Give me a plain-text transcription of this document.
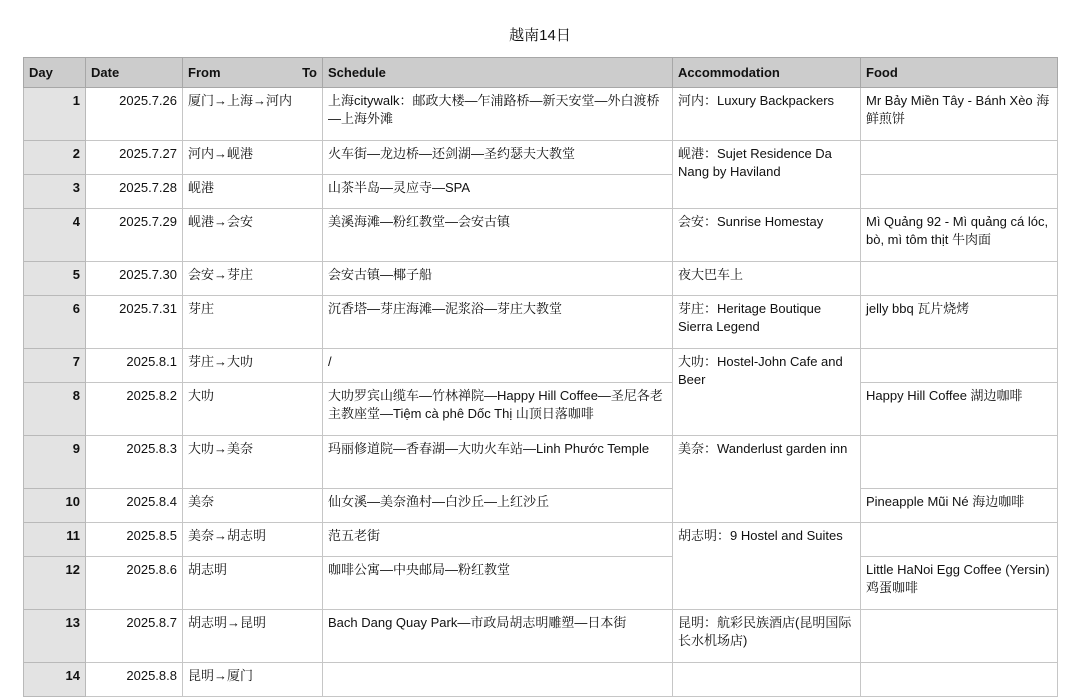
越南14日
Day	Date	From To	Schedule	Accommodation	Food
1	2025.7.26	厦门→上海→河内	上海citywalk：邮政大楼—乍浦路桥—新天安堂—外白渡桥—上海外滩	河内：Luxury Backpackers	Mr Bảy Miền Tây - Bánh Xèo 海鲜煎饼
2	2025.7.27	河内→岘港	火车街—龙边桥—还剑湖—圣约瑟夫大教堂	岘港：Sujet Residence Da Nang by Haviland	
3	2025.7.28	岘港	山茶半岛—灵应寺—SPA		
4	2025.7.29	岘港→会安	美溪海滩—粉红教堂—会安古镇	会安：Sunrise Homestay	Mì Quảng 92 - Mì quảng cá lóc, bò, mì tôm thịt 牛肉面
5	2025.7.30	会安→芽庄	会安古镇—椰子船	夜大巴车上	
6	2025.7.31	芽庄	沉香塔—芽庄海滩—泥浆浴—芽庄大教堂	芽庄：Heritage Boutique Sierra Legend	jelly bbq 瓦片烧烤
7	2025.8.1	芽庄→大叻	/	大叻：Hostel-John Cafe and Beer	
8	2025.8.2	大叻	大叻罗宾山缆车—竹林禅院—Happy Hill Coffee—圣尼各老主教座堂—Tiệm cà phê Dốc Thị 山顶日落咖啡		Happy Hill Coffee 湖边咖啡
9	2025.8.3	大叻→美奈	玛丽修道院—香春湖—大叻火车站—Linh Phước Temple	美奈：Wanderlust garden inn	
10	2025.8.4	美奈	仙女溪—美奈渔村—白沙丘—上红沙丘		Pineapple Mũi Né 海边咖啡
11	2025.8.5	美奈→胡志明	范五老街	胡志明：9 Hostel and Suites	
12	2025.8.6	胡志明	咖啡公寓—中央邮局—粉红教堂		Little HaNoi Egg Coffee (Yersin) 鸡蛋咖啡
13	2025.8.7	胡志明→昆明	Bach Dang Quay Park—市政局胡志明雕塑—日本街	昆明：航彩民族酒店(昆明国际长水机场店)	
14	2025.8.8	昆明→厦门			
